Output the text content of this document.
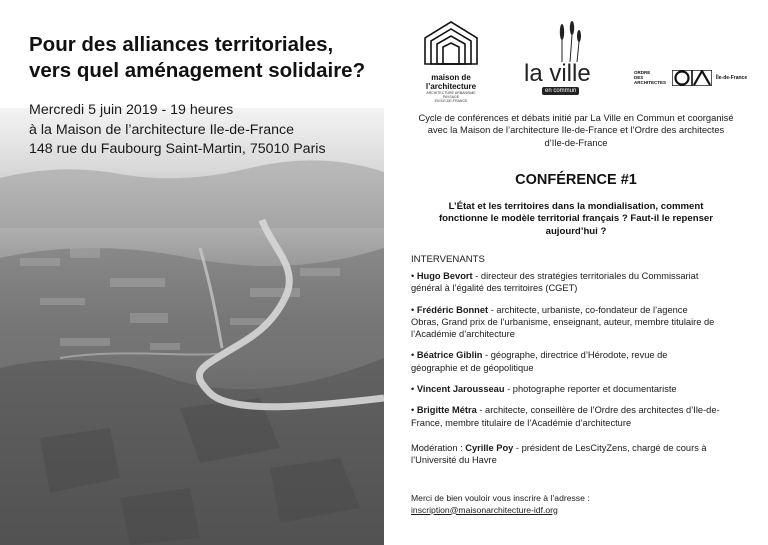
Pour des alliances territoriales,
vers quel aménagement solidaire?
Mercredi 5 juin 2019 - 19 heures
à la Maison de l’architecture Ile-de-France
148 rue du Faubourg Saint-Martin, 75010 Paris
maison de
l’architecture
ARCHITECTURE URBANISME PAYSAGE
EN ÎLE-DE-FRANCE
la ville
en commun
ORDRE
DES
ARCHITECTES
Île-de-France

Cycle de conférences et débats initié par La Ville en Commun et coorganisé
avec la Maison de l’architecture Ile-de-France et l’Ordre des architectes
d’Ile-de-France

CONFÉRENCE #1

L’État et les territoires dans la mondialisation, comment
fonctionne le modèle territorial français ? Faut-il le repenser
aujourd’hui ?

INTERVENANTS
• Hugo Bevort - directeur des stratégies territoriales du Commissariat
général à l’égalité des territoires (CGET)
• Frédéric Bonnet - architecte, urbaniste, co-fondateur de l’agence
Obras, Grand prix de l’urbanisme, enseignant, auteur, membre titulaire de
l’Académie d’architecture
• Béatrice Giblin - géographe, directrice d’Hérodote, revue de
géographie et de géopolitique
• Vincent Jarousseau - photographe reporter et documentariste
• Brigitte Métra - architecte, conseillère de l’Ordre des architectes d’Ile-de-
France, membre titulaire de l’Académie d’architecture

Modération : Cyrille Poy - président de LesCityZens, chargé de cours à
l’Université du Havre

Merci de bien vouloir vous inscrire à l’adresse :
inscription@maisonarchitecture-idf.org
